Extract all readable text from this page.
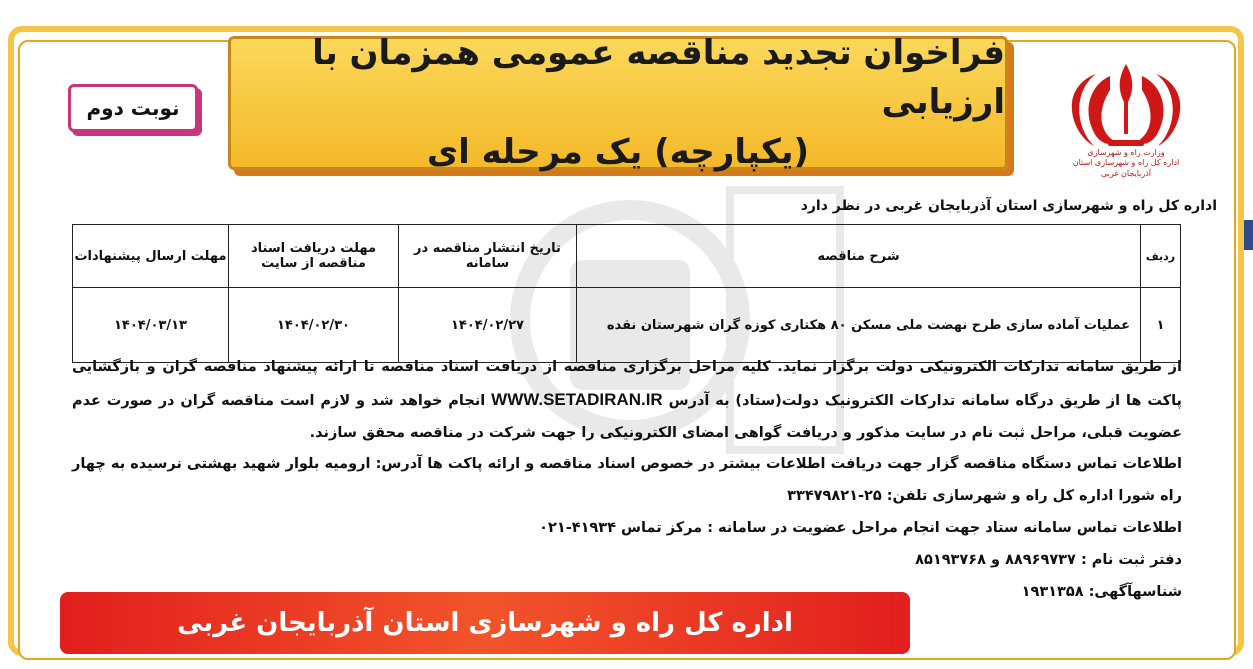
فراخوان تجدید مناقصه عمومی همزمان با ارزیابی
(یکپارچه) یک مرحله ای
نوبت دوم
وزارت راه و شهرسازی
اداره کل راه و شهرسازی استان آذربایجان غربی
اداره کل راه و شهرسازی استان آذربایجان غربی در نظر دارد
ردیف	شرح مناقصه	تاریخ انتشار مناقصه در سامانه	مهلت دریافت اسناد مناقصه از سایت	مهلت ارسال پیشنهادات
۱	عملیات آماده سازی طرح نهضت ملی مسکن ۸۰ هکتاری کوزه گران شهرستان نقده	۱۴۰۴/۰۲/۲۷	۱۴۰۴/۰۲/۳۰	۱۴۰۴/۰۳/۱۳

از طریق سامانه تدارکات الکترونیکی دولت برگزار نماید. کلیه مراحل برگزاری مناقصه از دریافت اسناد مناقصه تا ارائه پیشنهاد مناقصه گران و بازگشایی پاکت ها از طریق درگاه سامانه تدارکات الکترونیک دولت(ستاد) به آدرس WWW.SETADIRAN.IR انجام خواهد شد و لازم است مناقصه گران در صورت عدم عضویت قبلی، مراحل ثبت نام در سایت مذکور و دریافت گواهی امضای الکترونیکی را جهت شرکت در مناقصه محقق سازند.

اطلاعات تماس دستگاه مناقصه گزار جهت دریافت اطلاعات بیشتر در خصوص اسناد مناقصه و ارائه پاکت ها آدرس: ارومیه بلوار شهید بهشتی نرسیده به چهار راه شورا اداره کل راه و شهرسازی تلفن: ۲۵-۳۳۴۷۹۸۲۱

اطلاعات تماس سامانه ستاد جهت انجام مراحل عضویت در سامانه : مرکز تماس ۴۱۹۳۴-۰۲۱

دفتر ثبت نام : ۸۸۹۶۹۷۳۷ و ۸۵۱۹۳۷۶۸

شناسهآگهی: ۱۹۳۱۳۵۸

اداره کل راه و شهرسازی استان آذربایجان غربی
